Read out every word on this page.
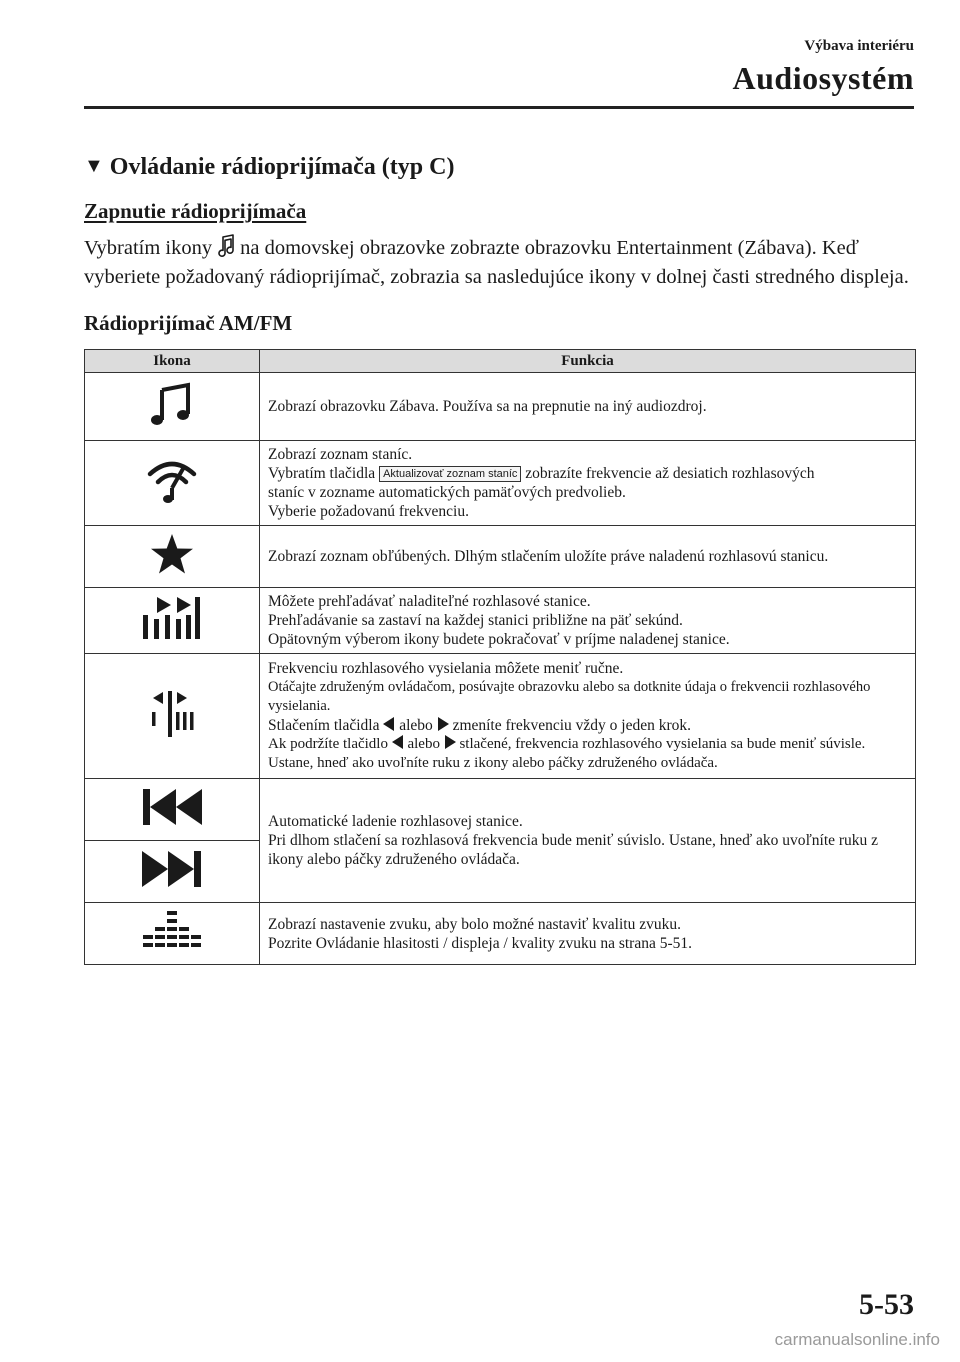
Výbava interiéru
Audiosystém
▼ Ovládanie rádioprijímača (typ C)
Zapnutie rádioprijímača
Vybratím ikony na domovskej obrazovke zobrazte obrazovku Entertainment (Zábava). Keď vyberiete požadovaný rádioprijímač, zobrazia sa nasledujúce ikony v dolnej časti stredného displeja.
Rádioprijímač AM/FM
Ikona	Funkcia
	Zobrazí obrazovku Zábava. Používa sa na prepnutie na iný audiozdroj.

Zobrazí zoznam staníc.
Vybratím tlačidla Aktualizovať zoznam staníc zobrazíte frekvencie až desiatich rozhlasových
staníc v zozname automatických pamäťových predvolieb.
Vyberie požadovanú frekvenciu.

	Zobrazí zoznam obľúbených. Dlhým stlačením uložíte práve naladenú rozhlasovú stanicu.

Môžete prehľadávať naladiteľné rozhlasové stanice.
Prehľadávanie sa zastaví na každej stanici približne na päť sekúnd.
Opätovným výberom ikony budete pokračovať v príjme naladenej stanice.

Frekvenciu rozhlasového vysielania môžete meniť ručne.
Otáčajte združeným ovládačom, posúvajte obrazovku alebo sa dotknite údaja o frekvencii rozhlasového vysielania.
Stlačením tlačidla alebo zmeníte frekvenciu vždy o jeden krok.
Ak podržíte tlačidlo alebo stlačené, frekvencia rozhlasového vysielania sa bude meniť súvisle. Ustane, hneď ako uvoľníte ruku z ikony alebo páčky združeného ovládača.

Automatické ladenie rozhlasovej stanice.
Pri dlhom stlačení sa rozhlasová frekvencia bude meniť súvislo. Ustane, hneď ako uvoľníte ruku z ikony alebo páčky združeného ovládača.

Zobrazí nastavenie zvuku, aby bolo možné nastaviť kvalitu zvuku.
Pozrite Ovládanie hlasitosti / displeja / kvality zvuku na strana 5-51.
5-53
carmanualsonline.info
